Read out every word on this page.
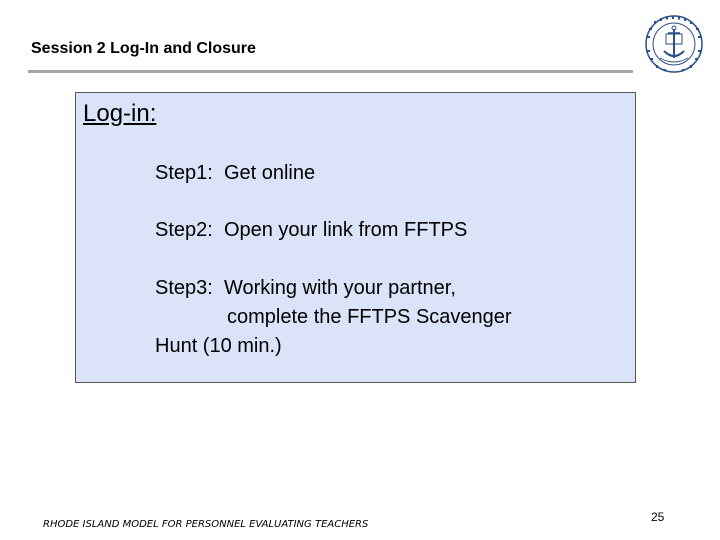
Session 2 Log-In and Closure
Log-in:
Step1: Get online
Step2: Open your link from FFTPS
Step3: Working with your partner,
complete the FFTPS Scavenger
Hunt (10 min.)
RHODE ISLAND MODEL FOR PERSONNEL EVALUATING TEACHERS
25
